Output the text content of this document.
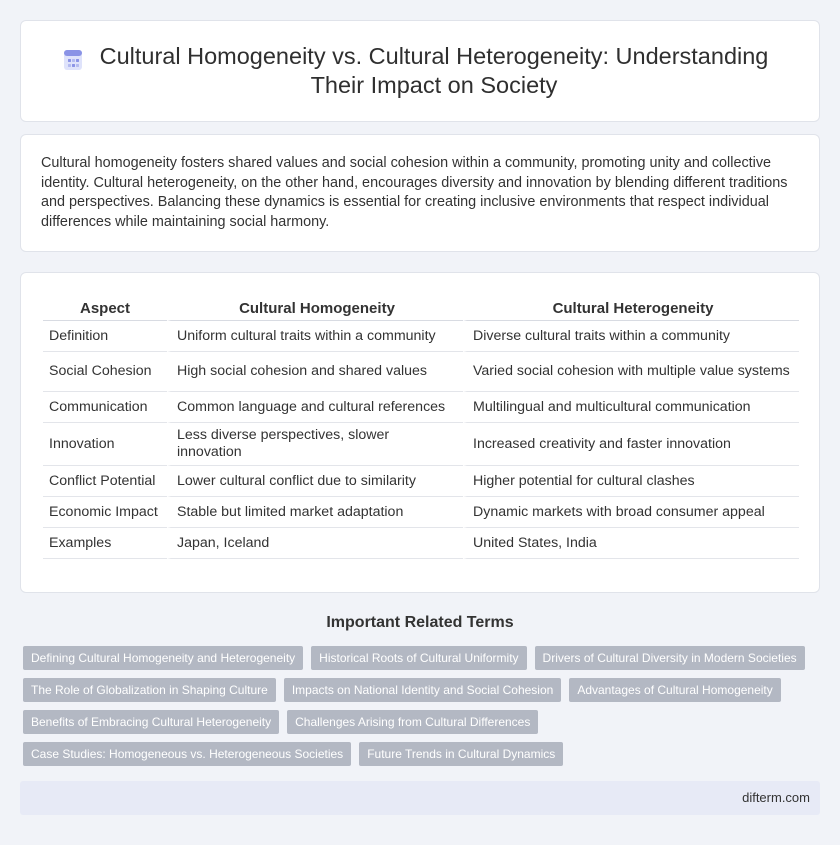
Cultural Homogeneity vs. Cultural Heterogeneity: Understanding Their Impact on Society

Cultural homogeneity fosters shared values and social cohesion within a community, promoting unity and collective identity. Cultural heterogeneity, on the other hand, encourages diversity and innovation by blending different traditions and perspectives. Balancing these dynamics is essential for creating inclusive environments that respect individual differences while maintaining social harmony.

Aspect	Cultural Homogeneity	Cultural Heterogeneity
Definition	Uniform cultural traits within a community	Diverse cultural traits within a community
Social Cohesion	High social cohesion and shared values	Varied social cohesion with multiple value systems
Communication	Common language and cultural references	Multilingual and multicultural communication
Innovation	Less diverse perspectives, slower innovation	Increased creativity and faster innovation
Conflict Potential	Lower cultural conflict due to similarity	Higher potential for cultural clashes
Economic Impact	Stable but limited market adaptation	Dynamic markets with broad consumer appeal
Examples	Japan, Iceland	United States, India
Important Related Terms
Defining Cultural Homogeneity and Heterogeneity	Historical Roots of Cultural Uniformity	Drivers of Cultural Diversity in Modern Societies
The Role of Globalization in Shaping Culture	Impacts on National Identity and Social Cohesion	Advantages of Cultural Homogeneity
Benefits of Embracing Cultural Heterogeneity	Challenges Arising from Cultural Differences
Case Studies: Homogeneous vs. Heterogeneous Societies	Future Trends in Cultural Dynamics
difterm.com
